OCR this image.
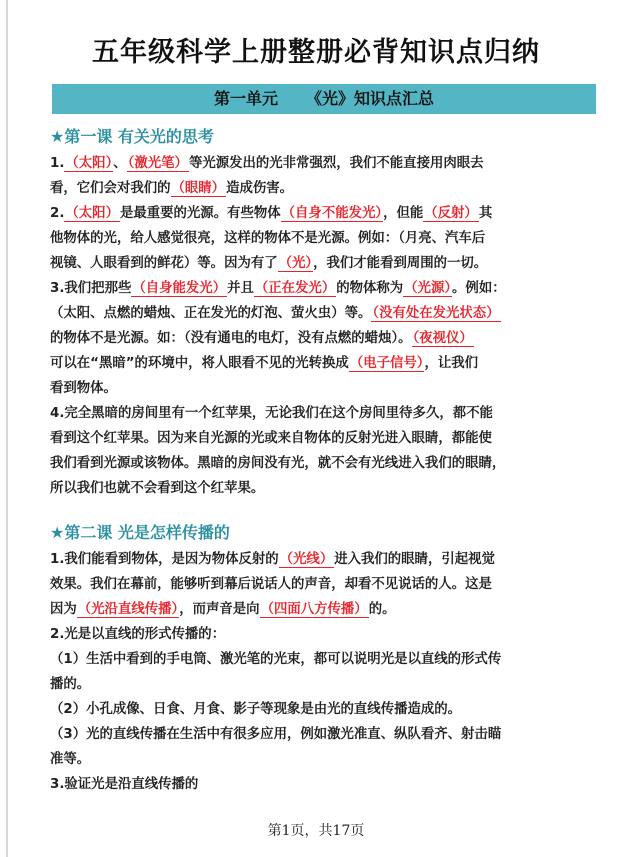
五年级科学上册整册必背知识点归纳
第一单元 《光》知识点汇总
★第一课 有关光的思考

1.（太阳）、（激光笔）等光源发出的光非常强烈，我们不能直接用肉眼去

看，它们会对我们的（眼睛）造成伤害。

2.（太阳）是最重要的光源。有些物体（自身不能发光），但能（反射）其

他物体的光，给人感觉很亮，这样的物体不是光源。例如：（月亮、汽车后

视镜、人眼看到的鲜花）等。因为有了（光），我们才能看到周围的一切。

3.我们把那些（自身能发光）并且（正在发光）的物体称为（光源）。例如：

（太阳、点燃的蜡烛、正在发光的灯泡、萤火虫）等。（没有处在发光状态）

的物体不是光源。如：（没有通电的电灯，没有点燃的蜡烛）。（夜视仪）

可以在“黑暗”的环境中，将人眼看不见的光转换成（电子信号），让我们

看到物体。

4.完全黑暗的房间里有一个红苹果，无论我们在这个房间里待多久，都不能

看到这个红苹果。因为来自光源的光或来自物体的反射光进入眼睛，都能使

我们看到光源或该物体。黑暗的房间没有光，就不会有光线进入我们的眼睛，

所以我们也就不会看到这个红苹果。

★第二课 光是怎样传播的

1.我们能看到物体，是因为物体反射的（光线）进入我们的眼睛，引起视觉

效果。我们在幕前，能够听到幕后说话人的声音，却看不见说话的人。这是

因为（光沿直线传播），而声音是向（四面八方传播）的。

2.光是以直线的形式传播的：

（1）生活中看到的手电筒、激光笔的光束，都可以说明光是以直线的形式传

播的。

（2）小孔成像、日食、月食、影子等现象是由光的直线传播造成的。

（3）光的直线传播在生活中有很多应用，例如激光准直、纵队看齐、射击瞄

准等。

3.验证光是沿直线传播的

第1页，共17页
